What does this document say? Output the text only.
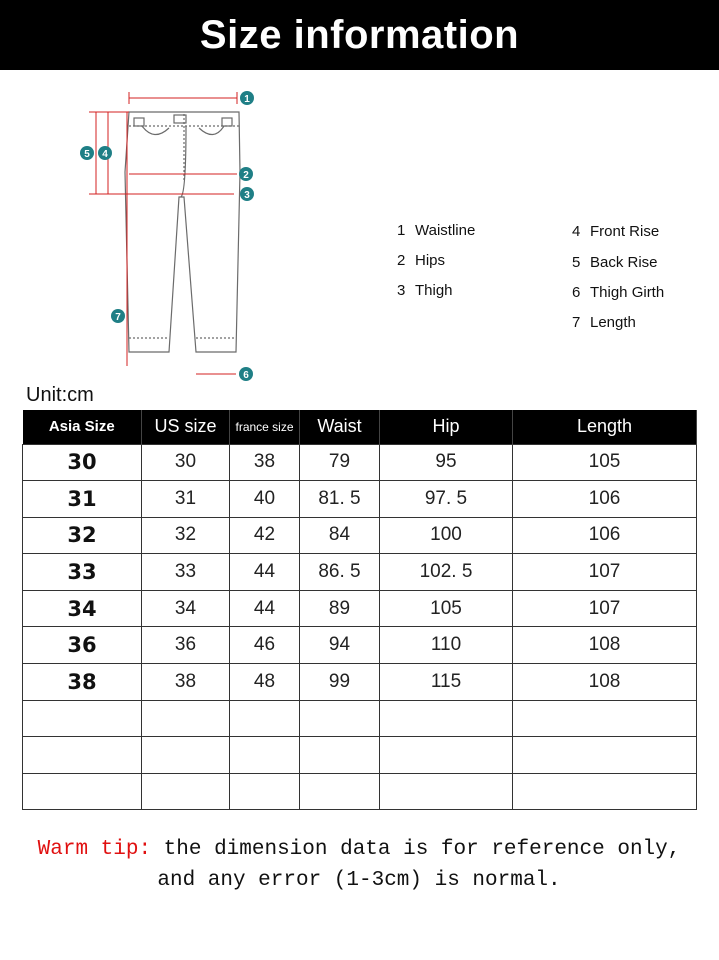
Size information
1
2
3
4
5
6
7
1 Waistline
2 Hips
3 Thigh
4 Front Rise
5 Back Rise
6 Thigh Girth
7 Length
Unit:cm
Asia Size	US size	france size	Waist	Hip	Length
30	30	38	79	95	105
31	31	40	81. 5	97. 5	106
32	32	42	84	100	106
33	33	44	86. 5	102. 5	107
34	34	44	89	105	107
36	36	46	94	110	108
38	38	48	99	115	108

Warm tip: the dimension data is for reference only,
and any error (1-3cm) is normal.
